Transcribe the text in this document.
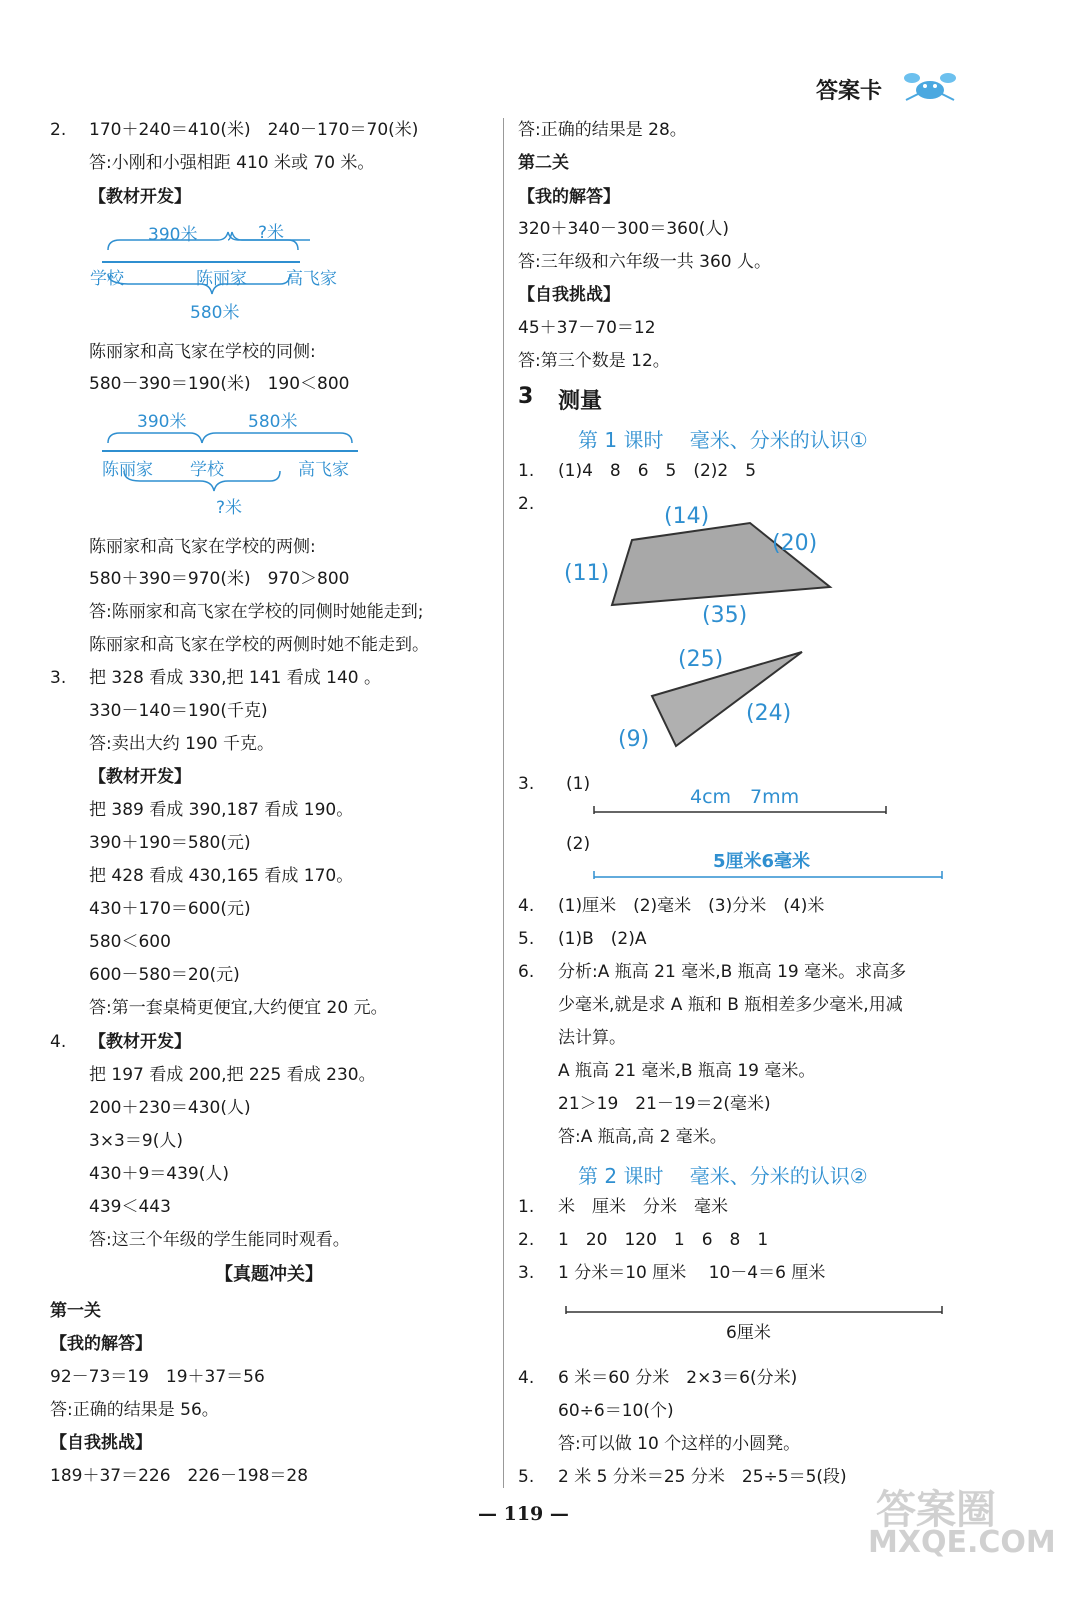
答案卡
2. 170＋240＝410(米)　240－170＝70(米)
答:小刚和小强相距 410 米或 70 米。
【教材开发】
390米	?米
学校	陈丽家 高飞家
580米
陈丽家和高飞家在学校的同侧:
580－390＝190(米)　190＜800
390米	580米
陈丽家 学校	高飞家
?米
陈丽家和高飞家在学校的两侧:
580＋390＝970(米)　970＞800
答:陈丽家和高飞家在学校的同侧时她能走到;
陈丽家和高飞家在学校的两侧时她不能走到。
3. 把 328 看成 330,把 141 看成 140 。
330－140＝190(千克)
答:卖出大约 190 千克。
【教材开发】
把 389 看成 390,187 看成 190。
390＋190＝580(元)
把 428 看成 430,165 看成 170。
430＋170＝600(元)
580＜600
600－580＝20(元)
答:第一套桌椅更便宜,大约便宜 20 元。
4. 【教材开发】
把 197 看成 200,把 225 看成 230。
200＋230＝430(人)
3×3＝9(人)
430＋9＝439(人)
439＜443
答:这三个年级的学生能同时观看。
【真题冲关】
第一关
【我的解答】
92－73＝19　19＋37＝56
答:正确的结果是 56。
【自我挑战】
189＋37＝226　226－198＝28
答:正确的结果是 28。
第二关
【我的解答】
320＋340－300＝360(人)
答:三年级和六年级一共 360 人。
【自我挑战】
45＋37－70＝12
答:第三个数是 12。
3 测量
第 1 课时　 毫米、分米的认识①
1. (1)4　8　6　5　(2)2　5
2.	(14)
(20)
(11)
(35)
(25)
(24)
(9)
3. (1)
4cm　7mm
(2)
5厘米6毫米
4. (1)厘米　(2)毫米　(3)分米　(4)米
5. (1)B　(2)A
6. 分析:A 瓶高 21 毫米,B 瓶高 19 毫米。求高多
少毫米,就是求 A 瓶和 B 瓶相差多少毫米,用减
法计算。
A 瓶高 21 毫米,B 瓶高 19 毫米。
21＞19　21－19＝2(毫米)
答:A 瓶高,高 2 毫米。
第 2 课时　 毫米、分米的认识②
1. 米　厘米　分米　毫米
2. 1　20　120　1　6　8　1
3. 1 分米＝10 厘米　 10－4＝6 厘米
6厘米
4. 6 米＝60 分米　2×3＝6(分米)
60÷6＝10(个)
答:可以做 10 个这样的小圆凳。
5. 2 米 5 分米＝25 分米　25÷5＝5(段)
— 119 —	答案圈
MXQE.COM
